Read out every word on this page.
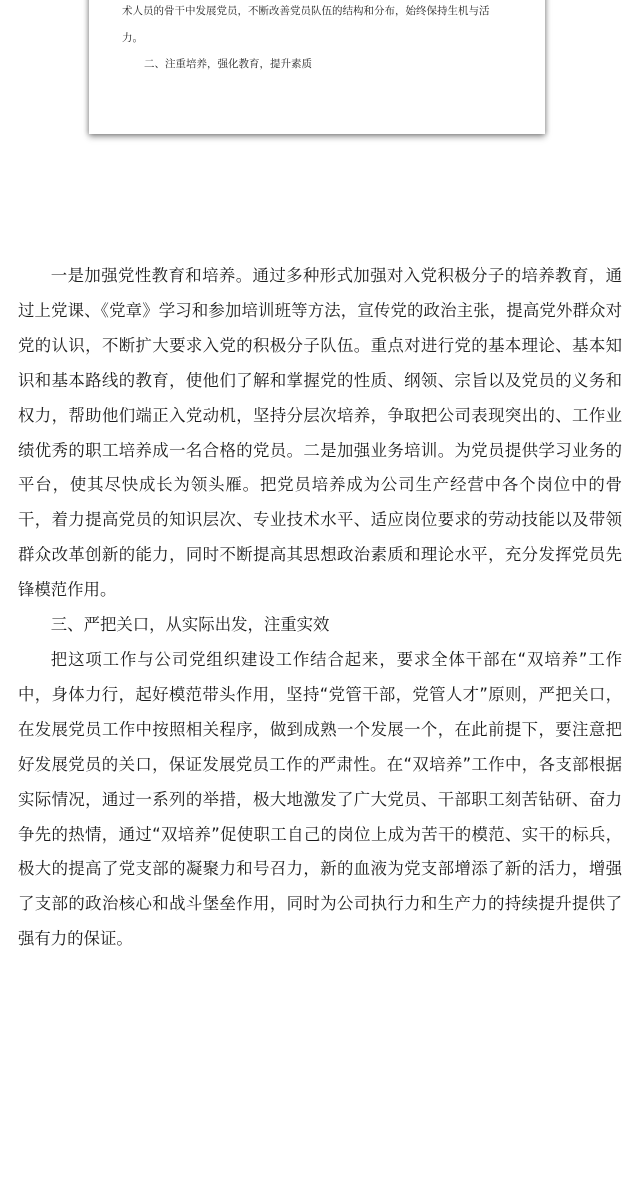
术人员的骨干中发展党员，不断改善党员队伍的结构和分布，始终保持生机与活
力。
二、注重培养，强化教育，提升素质

一是加强党性教育和培养。通过多种形式加强对入党积极分子的培养教育，通过上党课、《党章》学习和参加培训班等方法，宣传党的政治主张，提高党外群众对党的认识，不断扩大要求入党的积极分子队伍。重点对进行党的基本理论、基本知识和基本路线的教育，使他们了解和掌握党的性质、纲领、宗旨以及党员的义务和权力，帮助他们端正入党动机，坚持分层次培养，争取把公司表现突出的、工作业绩优秀的职工培养成一名合格的党员。二是加强业务培训。为党员提供学习业务的平台，使其尽快成长为领头雁。把党员培养成为公司生产经营中各个岗位中的骨干，着力提高党员的知识层次、专业技术水平、适应岗位要求的劳动技能以及带领群众改革创新的能力，同时不断提高其思想政治素质和理论水平，充分发挥党员先锋模范作用。

三、严把关口，从实际出发，注重实效

把这项工作与公司党组织建设工作结合起来，要求全体干部在“双培养”工作中，身体力行，起好模范带头作用，坚持“党管干部，党管人才”原则，严把关口，在发展党员工作中按照相关程序，做到成熟一个发展一个，在此前提下，要注意把好发展党员的关口，保证发展党员工作的严肃性。在“双培养”工作中，各支部根据实际情况，通过一系列的举措，极大地激发了广大党员、干部职工刻苦钻研、奋力争先的热情，通过“双培养”促使职工自己的岗位上成为苦干的模范、实干的标兵，极大的提高了党支部的凝聚力和号召力，新的血液为党支部增添了新的活力，增强了支部的政治核心和战斗堡垒作用，同时为公司执行力和生产力的持续提升提供了强有力的保证。
